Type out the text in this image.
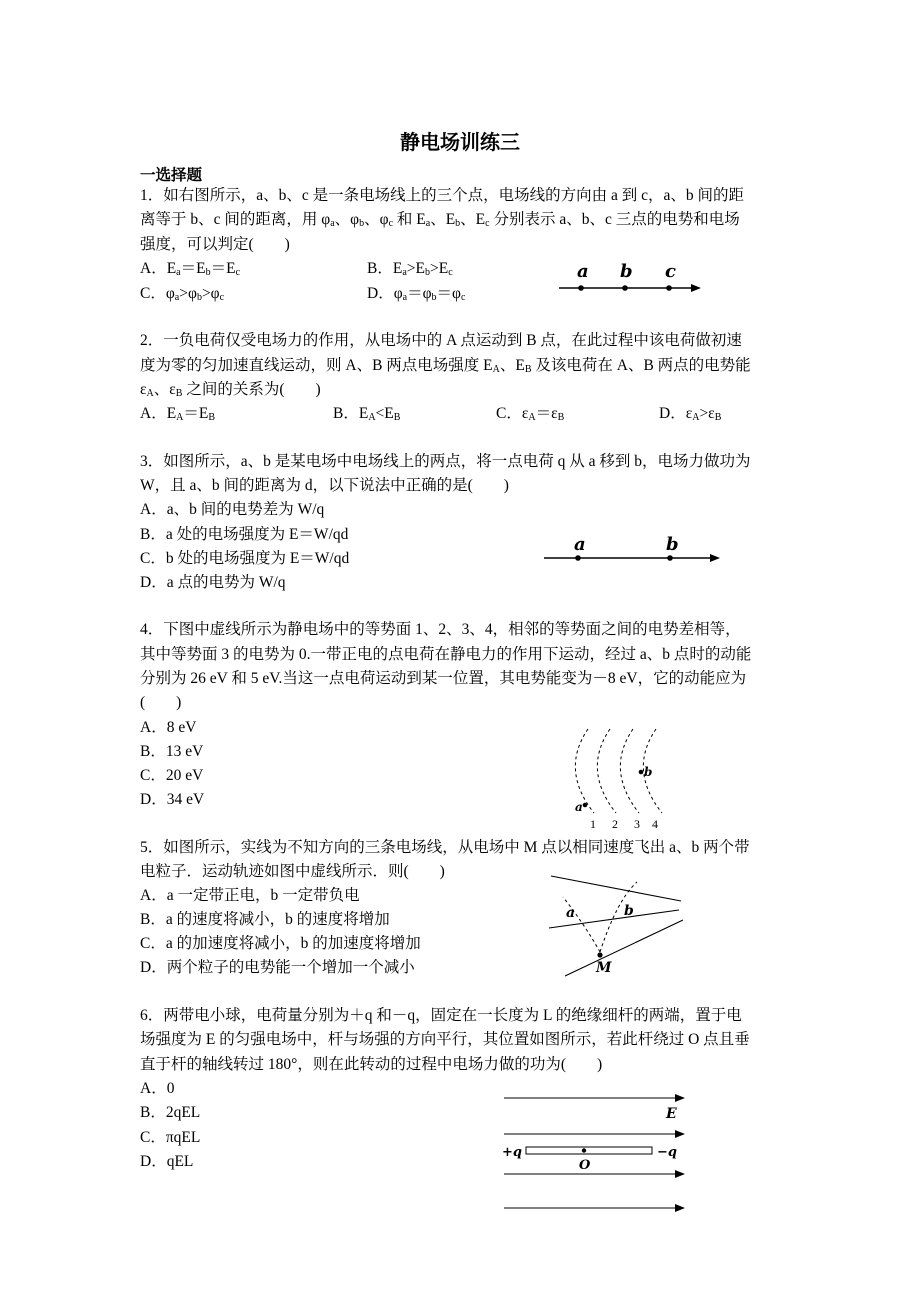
静电场训练三
一选择题
1．如右图所示，a、b、c 是一条电场线上的三个点，电场线的方向由 a 到 c，a、b 间的距
离等于 b、c 间的距离，用 $\varphi_a$、$\varphi_b$、$\varphi_c$ 和 $E_a$、$E_b$、$E_c$ 分别表示 a、b、c 三点的电势和电场
强度，可以判定(　　)
A．$E_a=E_b=E_c$	B．$E_a>E_b>E_c$
C．$\varphi_a>\varphi_b>\varphi_c$	D．$\varphi_a=\varphi_b=\varphi_c$
a b c
2．一负电荷仅受电场力的作用，从电场中的 A 点运动到 B 点，在此过程中该电荷做初速
度为零的匀加速直线运动，则 A、B 两点电场强度 $E_A$、$E_B$ 及该电荷在 A、B 两点的电势能
$\varepsilon_A$、$\varepsilon_B$ 之间的关系为(　　)
A．$E_A=E_B$	B．$E_A<E_B$	C．$\varepsilon_A=\varepsilon_B$	D．$\varepsilon_A>\varepsilon_B$
3．如图所示，a、b 是某电场中电场线上的两点，将一点电荷 q 从 a 移到 b，电场力做功为
W，且 a、b 间的距离为 d，以下说法中正确的是(　　)
A．a、b 间的电势差为 W/q
B．a 处的电场强度为 E＝W/qd
C．b 处的电场强度为 E＝W/qd
D．a 点的电势为 W/q
a	b
4．下图中虚线所示为静电场中的等势面 1、2、3、4，相邻的等势面之间的电势差相等，
其中等势面 3 的电势为 0.一带正电的点电荷在静电力的作用下运动，经过 a、b 点时的动能
分别为 26 eV 和 5 eV.当这一点电荷运动到某一位置，其电势能变为－8 eV，它的动能应为
(　　)
A．8 eV
B．13 eV
C．20 eV
D．34 eV	a
b
1 2 3 4
5．如图所示，实线为不知方向的三条电场线，从电场中 M 点以相同速度飞出 a、b 两个带
电粒子．运动轨迹如图中虚线所示．则(　　)
A．a 一定带正电，b 一定带负电
B．a 的速度将减小，b 的速度将增加
C．a 的加速度将减小，b 的加速度将增加
D．两个粒子的电势能一个增加一个减小
a	b
M
6．两带电小球，电荷量分别为＋q 和－q，固定在一长度为 L 的绝缘细杆的两端，置于电
场强度为 E 的匀强电场中，杆与场强的方向平行，其位置如图所示，若此杆绕过 O 点且垂
直于杆的轴线转过 180°，则在此转动的过程中电场力做的功为(　　)
A．0
B．2qEL
C．πqEL
D．qEL
E
+q	−q
O
